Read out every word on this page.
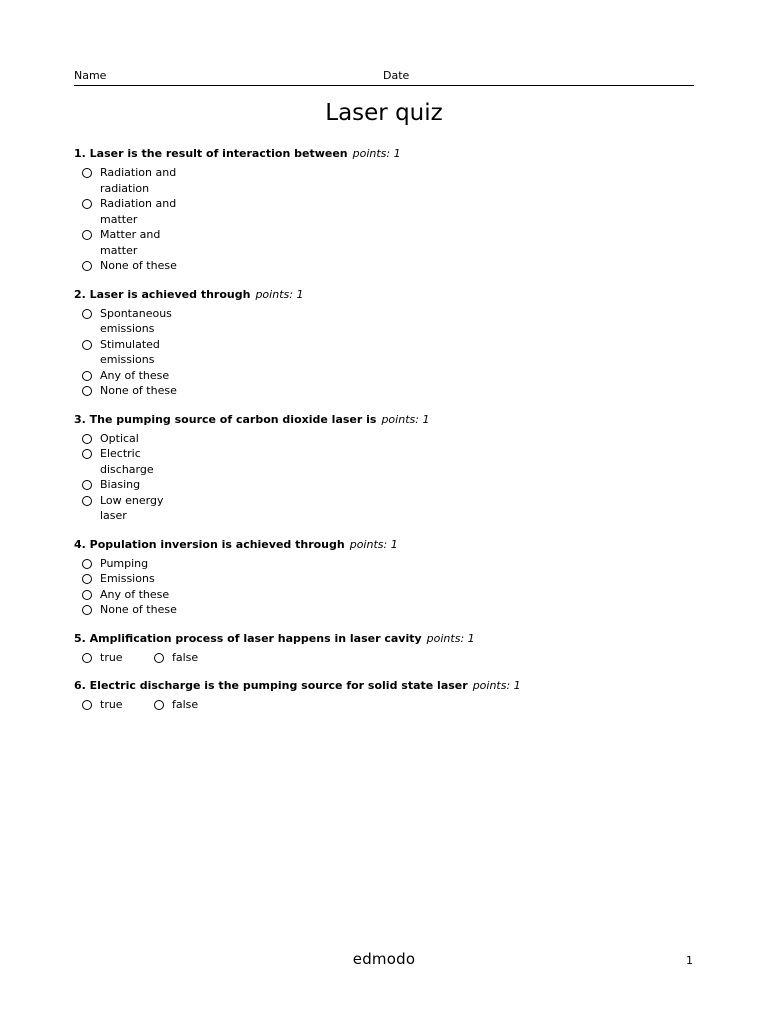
Name	Date
Laser quiz

1. Laser is the result of interaction between points: 1

Radiation and radiation
Radiation and matter
Matter and matter
None of these

2. Laser is achieved through points: 1

Spontaneous emissions
Stimulated emissions
Any of these
None of these

3. The pumping source of carbon dioxide laser is points: 1

Optical
Electric discharge
Biasing
Low energy laser

4. Population inversion is achieved through points: 1

Pumping
Emissions
Any of these
None of these

5. Amplification process of laser happens in laser cavity points: 1

true	false

6. Electric discharge is the pumping source for solid state laser points: 1

true	false
edmodo	1
